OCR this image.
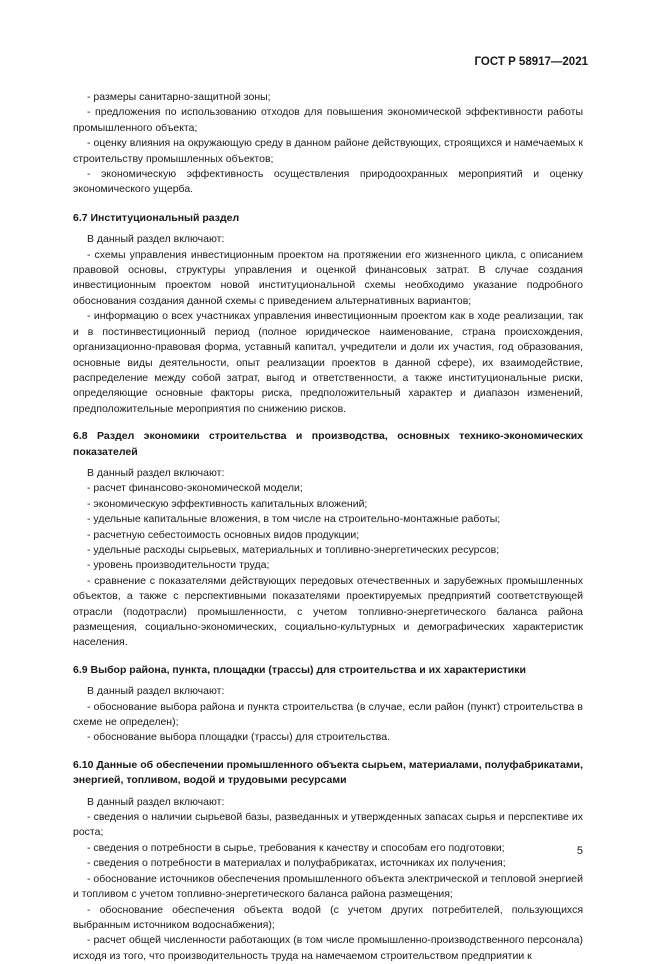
ГОСТ Р 58917—2021

- размеры санитарно-защитной зоны;

- предложения по использованию отходов для повышения экономической эффективности работы промышленного объекта;

- оценку влияния на окружающую среду в данном районе действующих, строящихся и намечаемых к строительству промышленных объектов;

- экономическую эффективность осуществления природоохранных мероприятий и оценку экономического ущерба.

6.7 Институциональный раздел

В данный раздел включают:

- схемы управления инвестиционным проектом на протяжении его жизненного цикла, с описанием правовой основы, структуры управления и оценкой финансовых затрат. В случае создания инвестиционным проектом новой институциональной схемы необходимо указание подробного обоснования создания данной схемы с приведением альтернативных вариантов;

- информацию о всех участниках управления инвестиционным проектом как в ходе реализации, так и в постинвестиционный период (полное юридическое наименование, страна происхождения, организационно-правовая форма, уставный капитал, учредители и доли их участия, год образования, основные виды деятельности, опыт реализации проектов в данной сфере), их взаимодействие, распределение между собой затрат, выгод и ответственности, а также институциональные риски, определяющие основные факторы риска, предположительный характер и диапазон изменений, предположительные мероприятия по снижению рисков.

6.8 Раздел экономики строительства и производства, основных технико-экономических показателей

В данный раздел включают:

- расчет финансово-экономической модели;

- экономическую эффективность капитальных вложений;

- удельные капитальные вложения, в том числе на строительно-монтажные работы;

- расчетную себестоимость основных видов продукции;

- удельные расходы сырьевых, материальных и топливно-энергетических ресурсов;

- уровень производительности труда;

- сравнение с показателями действующих передовых отечественных и зарубежных промышленных объектов, а также с перспективными показателями проектируемых предприятий соответствующей отрасли (подотрасли) промышленности, с учетом топливно-энергетического баланса района размещения, социально-экономических, социально-культурных и демографических характеристик населения.

6.9 Выбор района, пункта, площадки (трассы) для строительства и их характеристики

В данный раздел включают:

- обоснование выбора района и пункта строительства (в случае, если район (пункт) строительства в схеме не определен);

- обоснование выбора площадки (трассы) для строительства.

6.10 Данные об обеспечении промышленного объекта сырьем, материалами, полуфабрикатами, энергией, топливом, водой и трудовыми ресурсами

В данный раздел включают:

- сведения о наличии сырьевой базы, разведанных и утвержденных запасах сырья и перспективе их роста;

- сведения о потребности в сырье, требования к качеству и способам его подготовки;

- сведения о потребности в материалах и полуфабрикатах, источниках их получения;

- обоснование источников обеспечения промышленного объекта электрической и тепловой энергией и топливом с учетом топливно-энергетического баланса района размещения;

- обоснование обеспечения объекта водой (с учетом других потребителей, пользующихся выбранным источником водоснабжения);

- расчет общей численности работающих (в том числе промышленно-производственного персонала) исходя из того, что производительность труда на намечаемом строительством предприятии к

5
